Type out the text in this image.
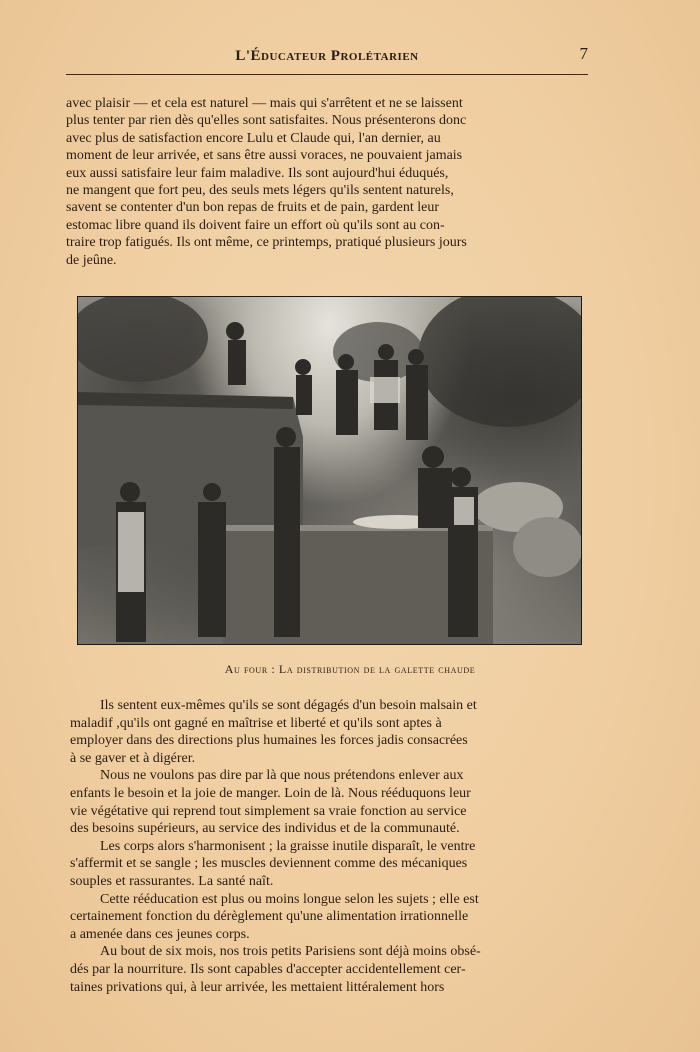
L'Éducateur Prolétarien	7
avec plaisir — et cela est naturel — mais qui s'arrêtent et ne se laissent
plus tenter par rien dès qu'elles sont satisfaites. Nous présenterons donc
avec plus de satisfaction encore Lulu et Claude qui, l'an dernier, au
moment de leur arrivée, et sans être aussi voraces, ne pouvaient jamais
eux aussi satisfaire leur faim maladive. Ils sont aujourd'hui éduqués,
ne mangent que fort peu, des seuls mets légers qu'ils sentent naturels,
savent se contenter d'un bon repas de fruits et de pain, gardent leur
estomac libre quand ils doivent faire un effort où qu'ils sont au con-
traire trop fatigués. Ils ont même, ce printemps, pratiqué plusieurs jours
de jeûne.
Au four : La distribution de la galette chaude

Ils sentent eux-mêmes qu'ils se sont dégagés d'un besoin malsain et
maladif ,qu'ils ont gagné en maîtrise et liberté et qu'ils sont aptes à
employer dans des directions plus humaines les forces jadis consacrées
à se gaver et à digérer.

Nous ne voulons pas dire par là que nous prétendons enlever aux
enfants le besoin et la joie de manger. Loin de là. Nous rééduquons leur
vie végétative qui reprend tout simplement sa vraie fonction au service
des besoins supérieurs, au service des individus et de la communauté.

Les corps alors s'harmonisent ; la graisse inutile disparaît, le ventre
s'affermit et se sangle ; les muscles deviennent comme des mécaniques
souples et rassurantes. La santé naît.

Cette rééducation est plus ou moins longue selon les sujets ; elle est
certainement fonction du dérèglement qu'une alimentation irrationnelle
a amenée dans ces jeunes corps.

Au bout de six mois, nos trois petits Parisiens sont déjà moins obsé-
dés par la nourriture. Ils sont capables d'accepter accidentellement cer-
taines privations qui, à leur arrivée, les mettaient littéralement hors
